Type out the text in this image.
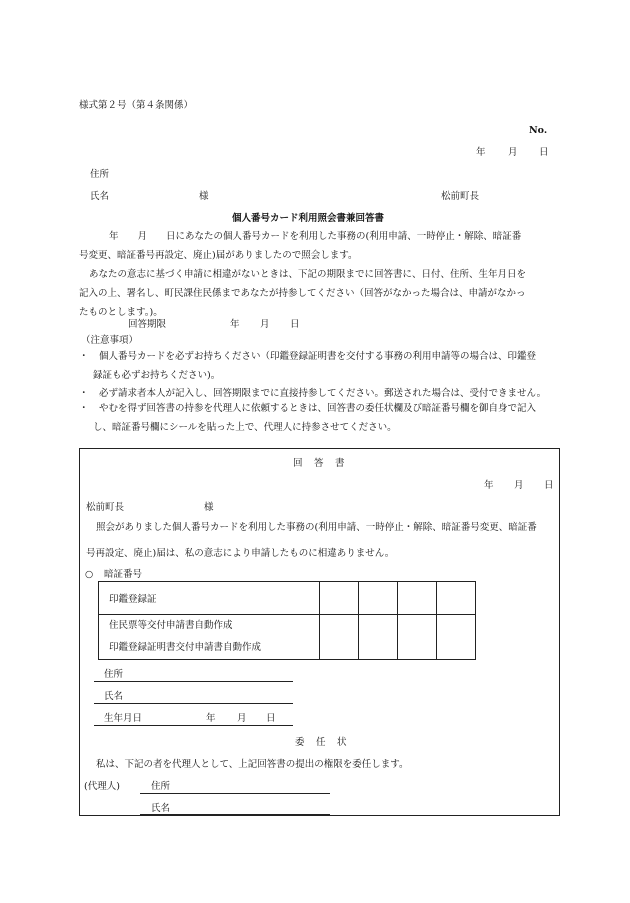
様式第２号（第４条関係）
No.
年 月 日
住所
氏名	様	松前町長
個人番号カード利用照会書兼回答書
年　　月　　日にあなたの個人番号カードを利用した事務の(利用申請、一時停止・解除、暗証番
号変更、暗証番号再設定、廃止)届がありましたので照会します。
あなたの意志に基づく申請に相違がないときは、下記の期限までに回答書に、日付、住所、生年月日を
記入の上、署名し、町民課住民係まであなたが持参してください（回答がなかった場合は、申請がなかっ
たものとします。)。
回答期限	年 月 日
（注意事項）
・	個人番号カードを必ずお持ちください（印鑑登録証明書を交付する事務の利用申請等の場合は、印鑑登
録証も必ずお持ちください)。
・	必ず請求者本人が記入し、回答期限までに直接持参してください。郵送された場合は、受付できません。
・	やむを得ず回答書の持参を代理人に依頼するときは、回答書の委任状欄及び暗証番号欄を御自身で記入
し、暗証番号欄にシールを貼った上で、代理人に持参させてください。
回　答　書
年 月 日
松前町長	様
照会がありました個人番号カードを利用した事務の(利用申請、一時停止・解除、暗証番号変更、暗証番
号再設定、廃止)届は、私の意志により申請したものに相違ありません。
○ 暗証番号
印鑑登録証				

住民票等交付申請書自動作成
印鑑登録証明書交付申請書自動作成				

住所
氏名
生年月日	年 月 日
委　任　状
私は、下記の者を代理人として、上記回答書の提出の権限を委任します。
(代理人)	住所
氏名
